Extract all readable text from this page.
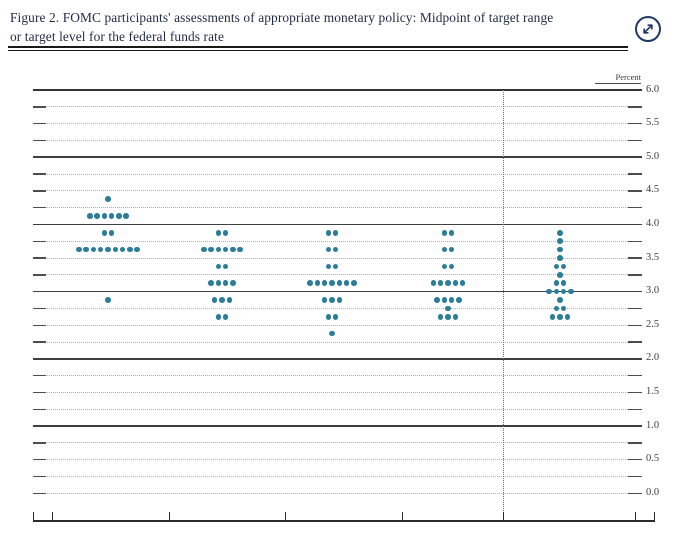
Figure 2. FOMC participants' assessments of appropriate monetary policy: Midpoint of target range
or target level for the federal funds rate
Percent
6.0
5.5
5.0
4.5
4.0
3.5
3.0
2.5
2.0
1.5
1.0
0.5
0.0
